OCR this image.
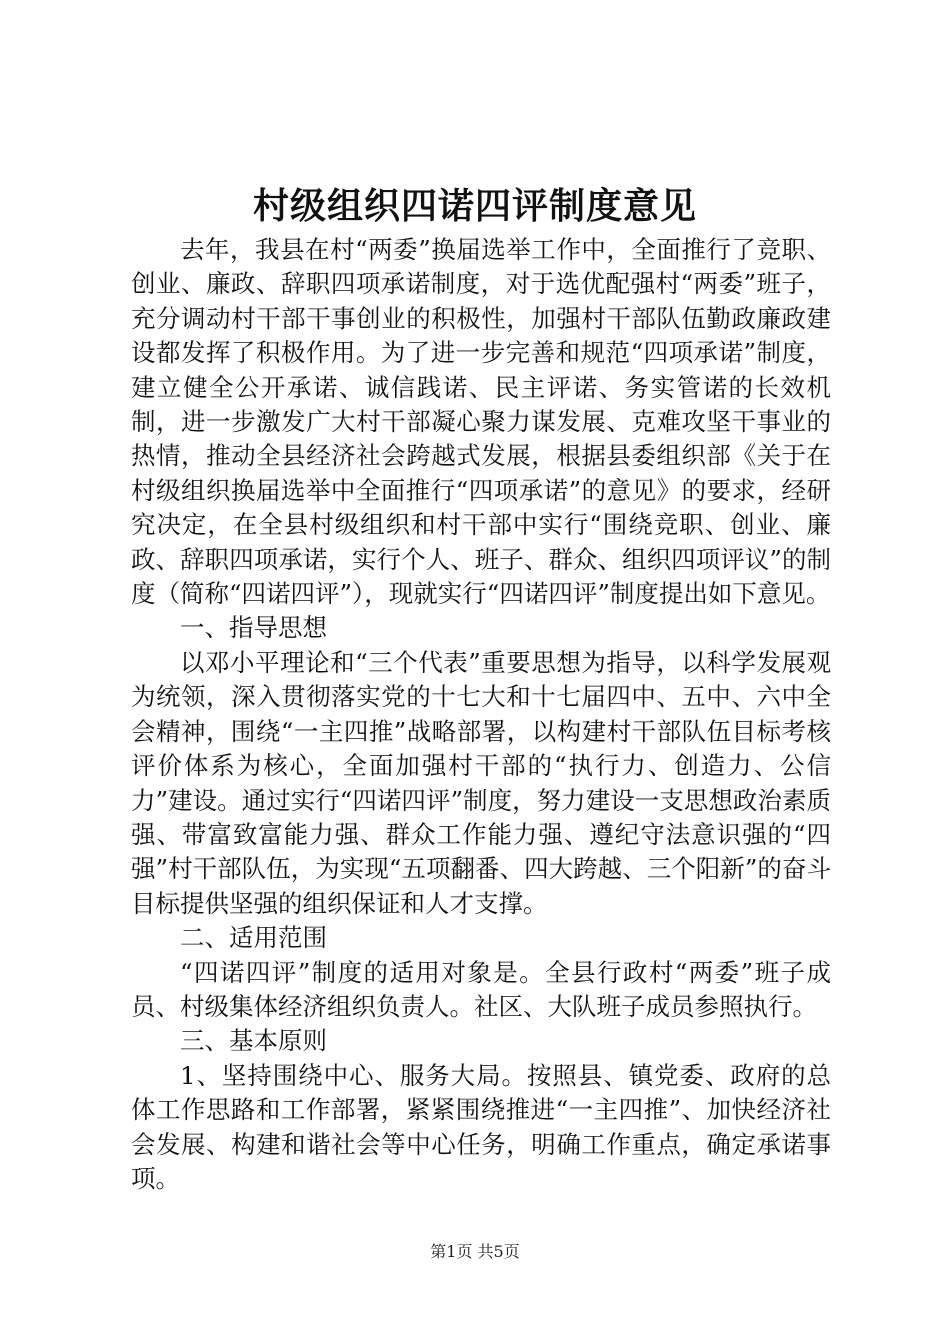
村级组织四诺四评制度意见

去年，我县在村“两委”换届选举工作中，全面推行了竞职、创业、廉政、辞职四项承诺制度，对于选优配强村“两委”班子，充分调动村干部干事创业的积极性，加强村干部队伍勤政廉政建设都发挥了积极作用。为了进一步完善和规范“四项承诺”制度，建立健全公开承诺、诚信践诺、民主评诺、务实管诺的长效机制，进一步激发广大村干部凝心聚力谋发展、克难攻坚干事业的热情，推动全县经济社会跨越式发展，根据县委组织部《关于在村级组织换届选举中全面推行“四项承诺”的意见》的要求，经研究决定，在全县村级组织和村干部中实行“围绕竞职、创业、廉政、辞职四项承诺，实行个人、班子、群众、组织四项评议”的制度（简称“四诺四评”），现就实行“四诺四评”制度提出如下意见。

一、指导思想

以邓小平理论和“三个代表”重要思想为指导，以科学发展观为统领，深入贯彻落实党的十七大和十七届四中、五中、六中全会精神，围绕“一主四推”战略部署，以构建村干部队伍目标考核评价体系为核心，全面加强村干部的“执行力、创造力、公信力”建设。通过实行“四诺四评”制度，努力建设一支思想政治素质强、带富致富能力强、群众工作能力强、遵纪守法意识强的“四强”村干部队伍，为实现“五项翻番、四大跨越、三个阳新”的奋斗目标提供坚强的组织保证和人才支撑。

二、适用范围

“四诺四评”制度的适用对象是。全县行政村“两委”班子成员、村级集体经济组织负责人。社区、大队班子成员参照执行。

三、基本原则

1、坚持围绕中心、服务大局。按照县、镇党委、政府的总体工作思路和工作部署，紧紧围绕推进“一主四推”、加快经济社会发展、构建和谐社会等中心任务，明确工作重点，确定承诺事项。

第1页 共5页
